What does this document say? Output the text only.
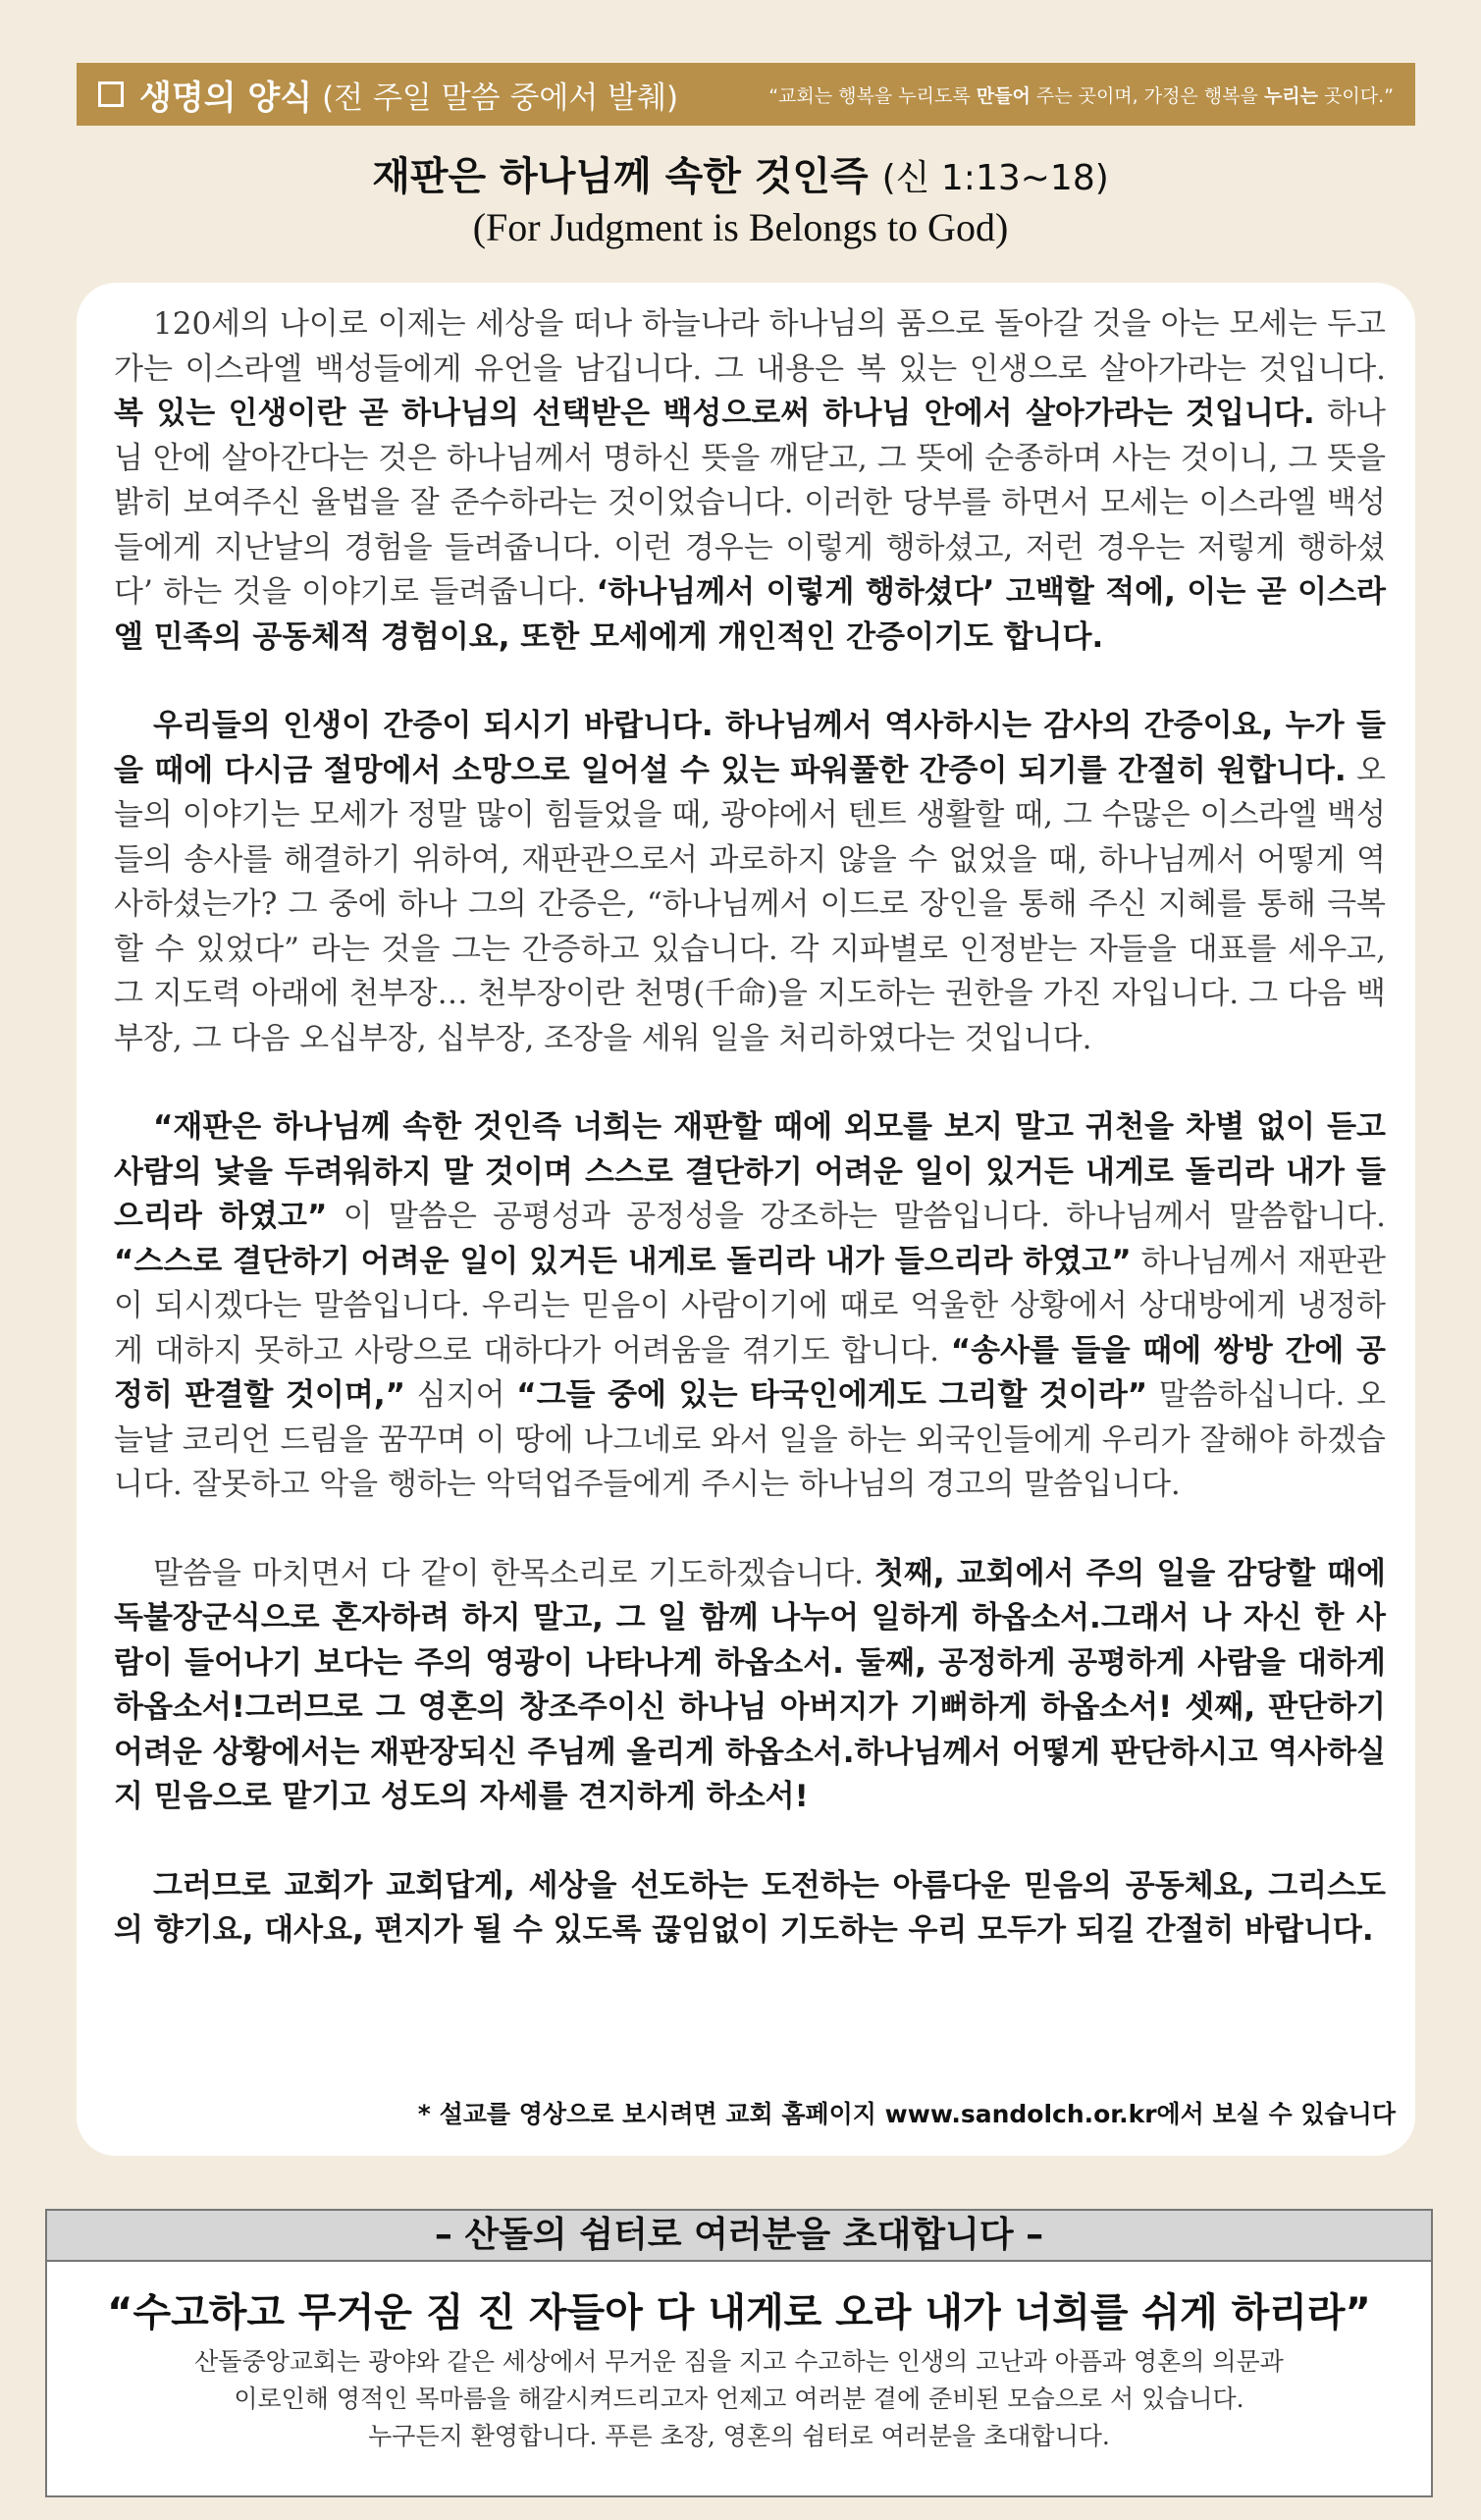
생명의 양식 (전 주일 말씀 중에서 발췌)	“교회는 행복을 누리도록 만들어 주는 곳이며, 가정은 행복을 누리는 곳이다.”
재판은 하나님께 속한 것인즉 (신 1:13~18)
(For Judgment is Belongs to God)

120세의 나이로 이제는 세상을 떠나 하늘나라 하나님의 품으로 돌아갈 것을 아는 모세는 두고 가는 이스라엘 백성들에게 유언을 남깁니다. 그 내용은 복 있는 인생으로 살아가라는 것입니다. 복 있는 인생이란 곧 하나님의 선택받은 백성으로써 하나님 안에서 살아가라는 것입니다. 하나님 안에 살아간다는 것은 하나님께서 명하신 뜻을 깨닫고, 그 뜻에 순종하며 사는 것이니, 그 뜻을 밝히 보여주신 율법을 잘 준수하라는 것이었습니다. 이러한 당부를 하면서 모세는 이스라엘 백성들에게 지난날의 경험을 들려줍니다. 이런 경우는 이렇게 행하셨고, 저런 경우는 저렇게 행하셨다’ 하는 것을 이야기로 들려줍니다. ‘하나님께서 이렇게 행하셨다’ 고백할 적에, 이는 곧 이스라엘 민족의 공동체적 경험이요, 또한 모세에게 개인적인 간증이기도 합니다.

우리들의 인생이 간증이 되시기 바랍니다. 하나님께서 역사하시는 감사의 간증이요, 누가 들을 때에 다시금 절망에서 소망으로 일어설 수 있는 파워풀한 간증이 되기를 간절히 원합니다. 오늘의 이야기는 모세가 정말 많이 힘들었을 때, 광야에서 텐트 생활할 때, 그 수많은 이스라엘 백성들의 송사를 해결하기 위하여, 재판관으로서 과로하지 않을 수 없었을 때, 하나님께서 어떻게 역사하셨는가? 그 중에 하나 그의 간증은, “하나님께서 이드로 장인을 통해 주신 지혜를 통해 극복할 수 있었다” 라는 것을 그는 간증하고 있습니다. 각 지파별로 인정받는 자들을 대표를 세우고, 그 지도력 아래에 천부장… 천부장이란 천명(千命)을 지도하는 권한을 가진 자입니다. 그 다음 백부장, 그 다음 오십부장, 십부장, 조장을 세워 일을 처리하였다는 것입니다.

“재판은 하나님께 속한 것인즉 너희는 재판할 때에 외모를 보지 말고 귀천을 차별 없이 듣고 사람의 낯을 두려워하지 말 것이며 스스로 결단하기 어려운 일이 있거든 내게로 돌리라 내가 들으리라 하였고” 이 말씀은 공평성과 공정성을 강조하는 말씀입니다. 하나님께서 말씀합니다. “스스로 결단하기 어려운 일이 있거든 내게로 돌리라 내가 들으리라 하였고” 하나님께서 재판관이 되시겠다는 말씀입니다. 우리는 믿음이 사람이기에 때로 억울한 상황에서 상대방에게 냉정하게 대하지 못하고 사랑으로 대하다가 어려움을 겪기도 합니다. “송사를 들을 때에 쌍방 간에 공정히 판결할 것이며,” 심지어 “그들 중에 있는 타국인에게도 그리할 것이라” 말씀하십니다. 오늘날 코리언 드림을 꿈꾸며 이 땅에 나그네로 와서 일을 하는 외국인들에게 우리가 잘해야 하겠습니다. 잘못하고 악을 행하는 악덕업주들에게 주시는 하나님의 경고의 말씀입니다.

말씀을 마치면서 다 같이 한목소리로 기도하겠습니다. 첫째, 교회에서 주의 일을 감당할 때에 독불장군식으로 혼자하려 하지 말고, 그 일 함께 나누어 일하게 하옵소서.그래서 나 자신 한 사람이 들어나기 보다는 주의 영광이 나타나게 하옵소서. 둘째, 공정하게 공평하게 사람을 대하게 하옵소서!그러므로 그 영혼의 창조주이신 하나님 아버지가 기뻐하게 하옵소서! 셋째, 판단하기 어려운 상황에서는 재판장되신 주님께 올리게 하옵소서.하나님께서 어떻게 판단하시고 역사하실지 믿음으로 맡기고 성도의 자세를 견지하게 하소서!

그러므로 교회가 교회답게, 세상을 선도하는 도전하는 아름다운 믿음의 공동체요, 그리스도의 향기요, 대사요, 편지가 될 수 있도록 끊임없이 기도하는 우리 모두가 되길 간절히 바랍니다.

* 설교를 영상으로 보시려면 교회 홈페이지 www.sandolch.or.kr에서 보실 수 있습니다
– 산돌의 쉼터로 여러분을 초대합니다 –
“수고하고 무거운 짐 진 자들아 다 내게로 오라 내가 너희를 쉬게 하리라”
산돌중앙교회는 광야와 같은 세상에서 무거운 짐을 지고 수고하는 인생의 고난과 아픔과 영혼의 의문과
이로인해 영적인 목마름을 해갈시켜드리고자 언제고 여러분 곁에 준비된 모습으로 서 있습니다.
누구든지 환영합니다. 푸른 초장, 영혼의 쉼터로 여러분을 초대합니다.
